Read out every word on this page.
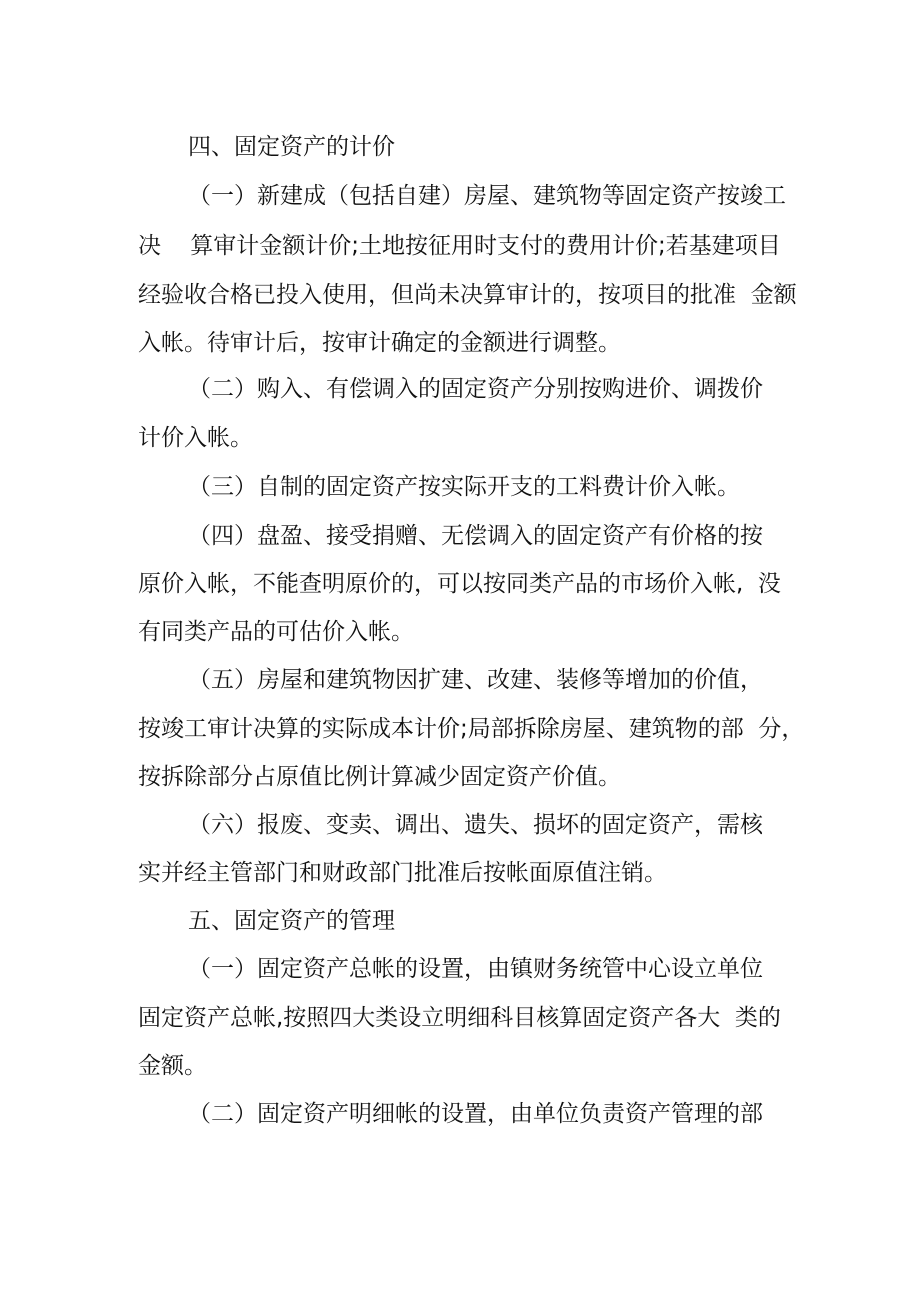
四、固定资产的计价
（一）新建成（包括自建）房屋、建筑物等固定资产按竣工
决    算审计金额计价;土地按征用时支付的费用计价;若基建项目
经验收合格已投入使用，但尚未决算审计的，按项目的批准  金额
入帐。待审计后，按审计确定的金额进行调整。
（二）购入、有偿调入的固定资产分别按购进价、调拨价
计价入帐。
（三）自制的固定资产按实际开支的工料费计价入帐。
（四）盘盈、接受捐赠、无偿调入的固定资产有价格的按
原价入帐，不能查明原价的，可以按同类产品的市场价入帐,  没
有同类产品的可估价入帐。
（五）房屋和建筑物因扩建、改建、装修等增加的价值，
按竣工审计决算的实际成本计价;局部拆除房屋、建筑物的部  分，
按拆除部分占原值比例计算减少固定资产价值。
（六）报废、变卖、调出、遗失、损坏的固定资产，需核
实并经主管部门和财政部门批准后按帐面原值注销。
五、固定资产的管理
（一）固定资产总帐的设置，由镇财务统管中心设立单位
固定资产总帐,按照四大类设立明细科目核算固定资产各大  类的
金额。
（二）固定资产明细帐的设置，由单位负责资产管理的部
